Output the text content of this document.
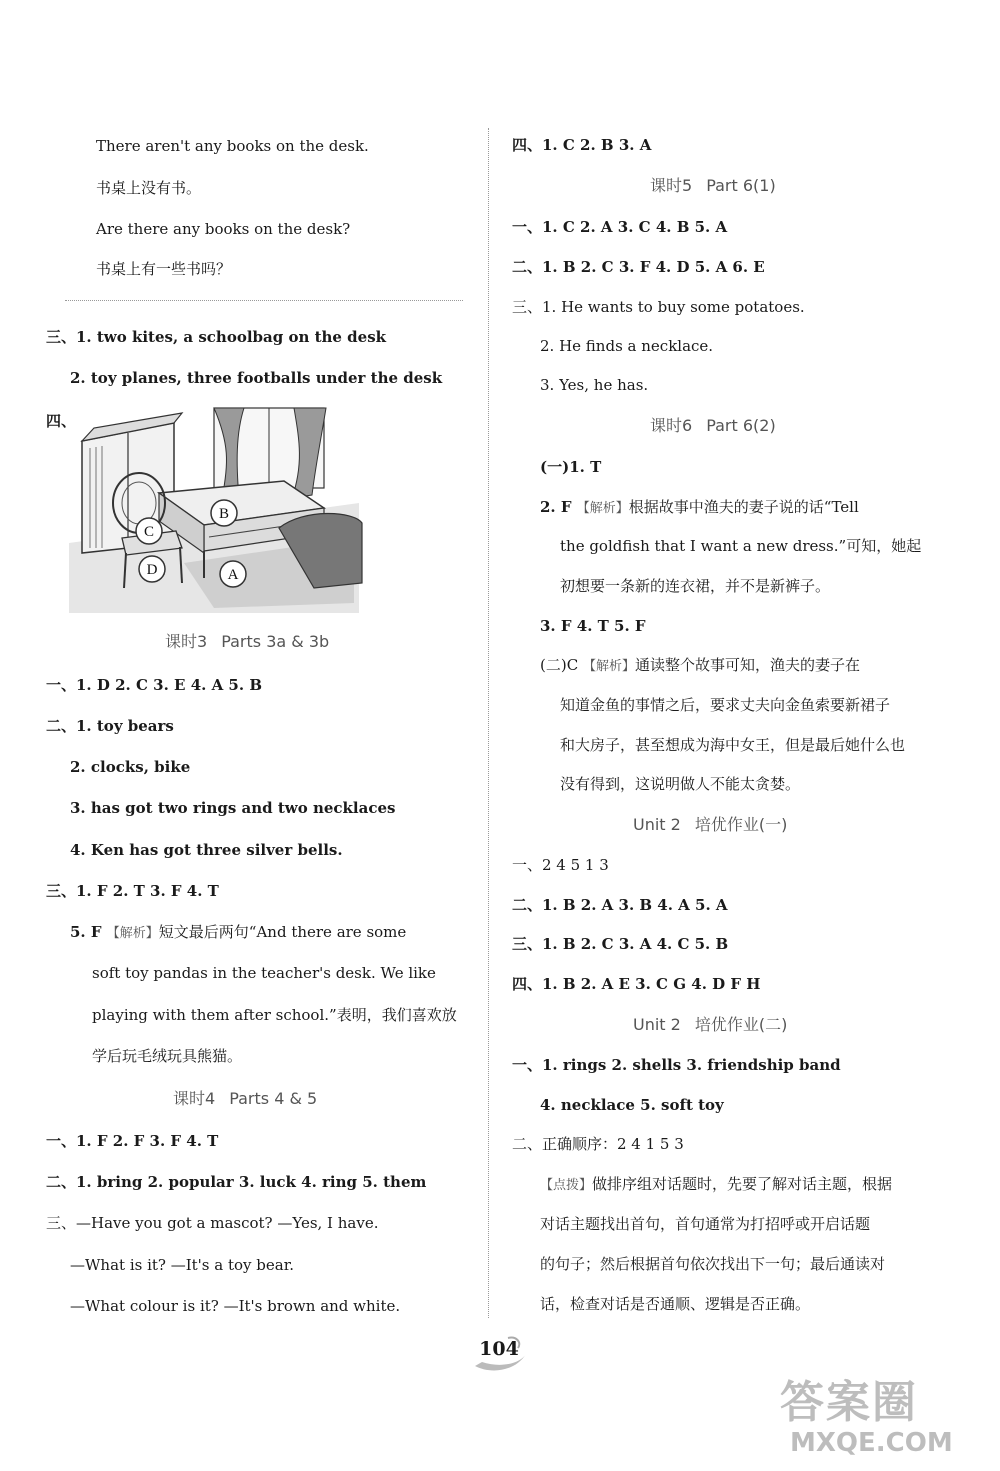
There aren't any books on the desk.
书桌上没有书。
Are there any books on the desk?
书桌上有一些书吗？
三、1. two kites, a schoolbag on the desk
2. toy planes, three footballs under the desk
四、
B
C
D	A
课时3 Parts 3a & 3b
一、1. D 2. C 3. E 4. A 5. B
二、1. toy bears
2. clocks, bike
3. has got two rings and two necklaces
4. Ken has got three silver bells.
三、1. F 2. T 3. F 4. T
5. F 【解析】短文最后两句“And there are some
soft toy pandas in the teacher's desk. We like
playing with them after school.”表明，我们喜欢放
学后玩毛绒玩具熊猫。
课时4 Parts 4 & 5
一、1. F 2. F 3. F 4. T
二、1. bring 2. popular 3. luck 4. ring 5. them
三、—Have you got a mascot? —Yes, I have.
—What is it? —It's a toy bear.
—What colour is it? —It's brown and white.
四、1. C 2. B 3. A
课时5 Part 6(1)
一、1. C 2. A 3. C 4. B 5. A
二、1. B 2. C 3. F 4. D 5. A 6. E
三、1. He wants to buy some potatoes.
2. He finds a necklace.
3. Yes, he has.
课时6 Part 6(2)
(一)1. T
2. F 【解析】根据故事中渔夫的妻子说的话“Tell
the goldfish that I want a new dress.”可知，她起
初想要一条新的连衣裙，并不是新裤子。
3. F 4. T 5. F
(二)C 【解析】通读整个故事可知，渔夫的妻子在
知道金鱼的事情之后，要求丈夫向金鱼索要新裙子
和大房子，甚至想成为海中女王，但是最后她什么也
没有得到，这说明做人不能太贪婪。
Unit 2 培优作业(一)
一、2 4 5 1 3
二、1. B 2. A 3. B 4. A 5. A
三、1. B 2. C 3. A 4. C 5. B
四、1. B 2. A E 3. C G 4. D F H
Unit 2 培优作业(二)
一、1. rings 2. shells 3. friendship band
4. necklace 5. soft toy
二、正确顺序：2 4 1 5 3
【点拨】做排序组对话题时，先要了解对话主题，根据
对话主题找出首句，首句通常为打招呼或开启话题
的句子；然后根据首句依次找出下一句；最后通读对
话，检查对话是否通顺、逻辑是否正确。
104
答案圈
MXQE.COM
